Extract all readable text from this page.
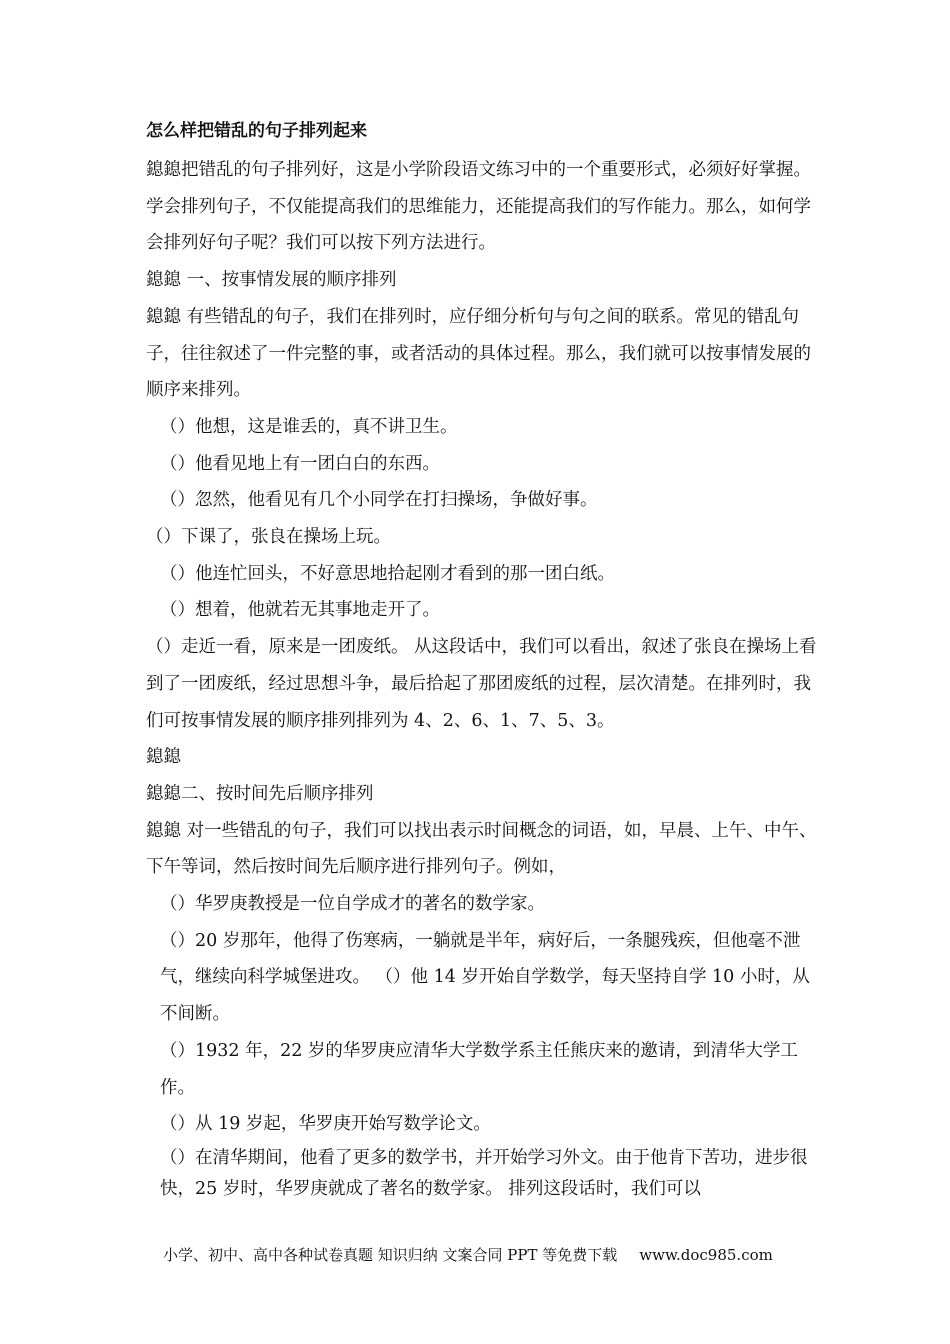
怎么样把错乱的句子排列起来

鎴鎴把错乱的句子排列好，这是小学阶段语文练习中的一个重要形式，必须好好掌握。学会排列句子，不仅能提高我们的思维能力，还能提高我们的写作能力。那么，如何学会排列好句子呢？我们可以按下列方法进行。

鎴鎴 一、按事情发展的顺序排列

鎴鎴 有些错乱的句子，我们在排列时，应仔细分析句与句之间的联系。常见的错乱句子，往往叙述了一件完整的事，或者活动的具体过程。那么，我们就可以按事情发展的顺序来排列。

（）他想，这是谁丢的，真不讲卫生。

（）他看见地上有一团白白的东西。

（）忽然，他看见有几个小同学在打扫操场，争做好事。

（）下课了，张良在操场上玩。

（）他连忙回头，不好意思地拾起刚才看到的那一团白纸。

（）想着，他就若无其事地走开了。

（）走近一看，原来是一团废纸。 从这段话中，我们可以看出，叙述了张良在操场上看到了一团废纸，经过思想斗争，最后拾起了那团废纸的过程，层次清楚。在排列时，我们可按事情发展的顺序排列排列为 4、2、6、1、7、5、3。

鎴鎴

鎴鎴二、按时间先后顺序排列

鎴鎴 对一些错乱的句子，我们可以找出表示时间概念的词语，如，早晨、上午、中午、下午等词，然后按时间先后顺序进行排列句子。例如，

（）华罗庚教授是一位自学成才的著名的数学家。

（）20 岁那年，他得了伤寒病，一躺就是半年，病好后，一条腿残疾，但他毫不泄气，继续向科学城堡进攻。 （）他 14 岁开始自学数学，每天坚持自学 10 小时，从不间断。

（）1932 年，22 岁的华罗庚应清华大学数学系主任熊庆来的邀请，到清华大学工作。

（）从 19 岁起，华罗庚开始写数学论文。

（）在清华期间，他看了更多的数学书，并开始学习外文。由于他肯下苦功，进步很快，25 岁时，华罗庚就成了著名的数学家。 排列这段话时，我们可以

小学、初中、高中各种试卷真题 知识归纳 文案合同 PPT 等免费下载 www.doc985.com
